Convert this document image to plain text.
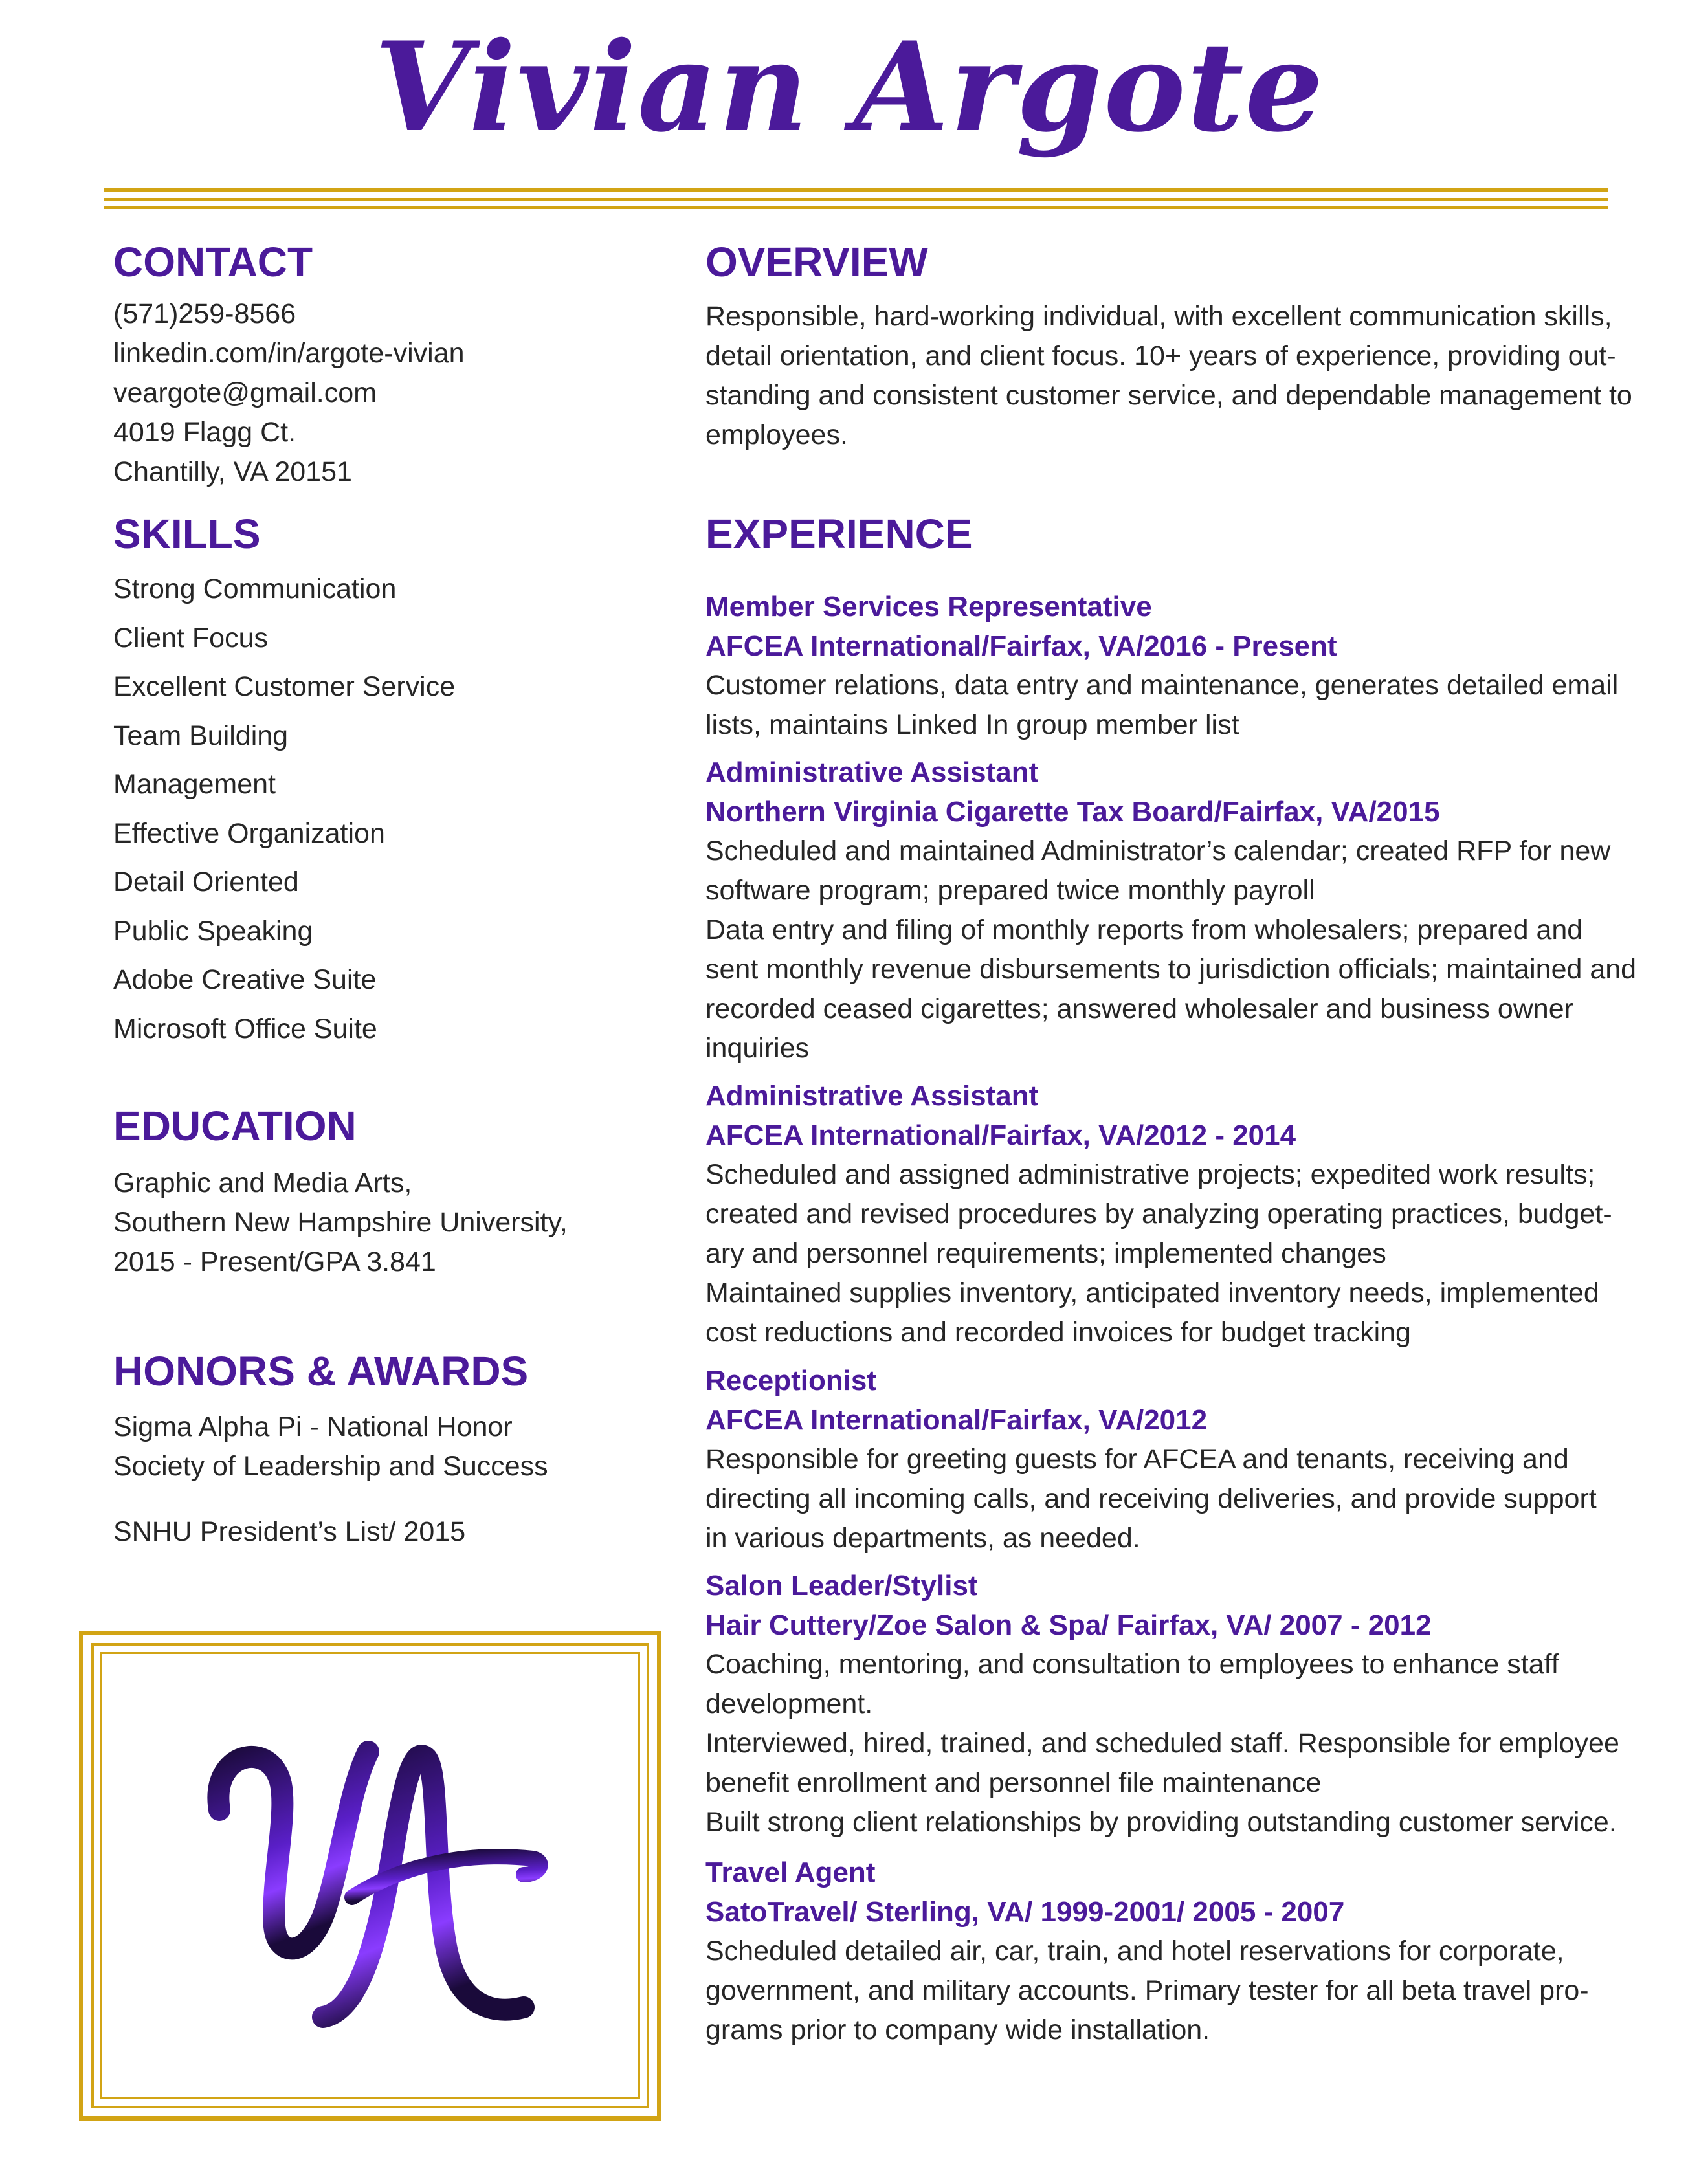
Vivian Argote
CONTACT
(571)259-8566
linkedin.com/in/argote-vivian
veargote@gmail.com
4019 Flagg Ct.
Chantilly, VA 20151
SKILLS
Strong Communication
Client Focus
Excellent Customer Service
Team Building
Management
Effective Organization
Detail Oriented
Public Speaking
Adobe Creative Suite
Microsoft Office Suite
EDUCATION
Graphic and Media Arts,
Southern New Hampshire University,
2015 - Present/GPA 3.841
HONORS & AWARDS
Sigma Alpha Pi - National Honor
Society of Leadership and Success
SNHU President’s List/ 2015
OVERVIEW
Responsible, hard-working individual, with excellent communication skills,
detail orientation, and client focus. 10+ years of experience, providing out-
standing and consistent customer service, and dependable management to
employees.
EXPERIENCE
Member Services Representative
AFCEA International/Fairfax, VA/2016 - Present
Customer relations, data entry and maintenance, generates detailed email
lists, maintains Linked In group member list
Administrative Assistant
Northern Virginia Cigarette Tax Board/Fairfax, VA/2015
Scheduled and maintained Administrator’s calendar; created RFP for new
software program; prepared twice monthly payroll
Data entry and filing of monthly reports from wholesalers; prepared and
sent monthly revenue disbursements to jurisdiction officials; maintained and
recorded ceased cigarettes; answered wholesaler and business owner
inquiries
Administrative Assistant
AFCEA International/Fairfax, VA/2012 - 2014
Scheduled and assigned administrative projects; expedited work results;
created and revised procedures by analyzing operating practices, budget-
ary and personnel requirements; implemented changes
Maintained supplies inventory, anticipated inventory needs, implemented
cost reductions and recorded invoices for budget tracking
Receptionist
AFCEA International/Fairfax, VA/2012
Responsible for greeting guests for AFCEA and tenants, receiving and
directing all incoming calls, and receiving deliveries, and provide support
in various departments, as needed.
Salon Leader/Stylist
Hair Cuttery/Zoe Salon & Spa/ Fairfax, VA/ 2007 - 2012
Coaching, mentoring, and consultation to employees to enhance staff
development.
Interviewed, hired, trained, and scheduled staff. Responsible for employee
benefit enrollment and personnel file maintenance
Built strong client relationships by providing outstanding customer service.
Travel Agent
SatoTravel/ Sterling, VA/ 1999-2001/ 2005 - 2007
Scheduled detailed air, car, train, and hotel reservations for corporate,
government, and military accounts. Primary tester for all beta travel pro-
grams prior to company wide installation.
